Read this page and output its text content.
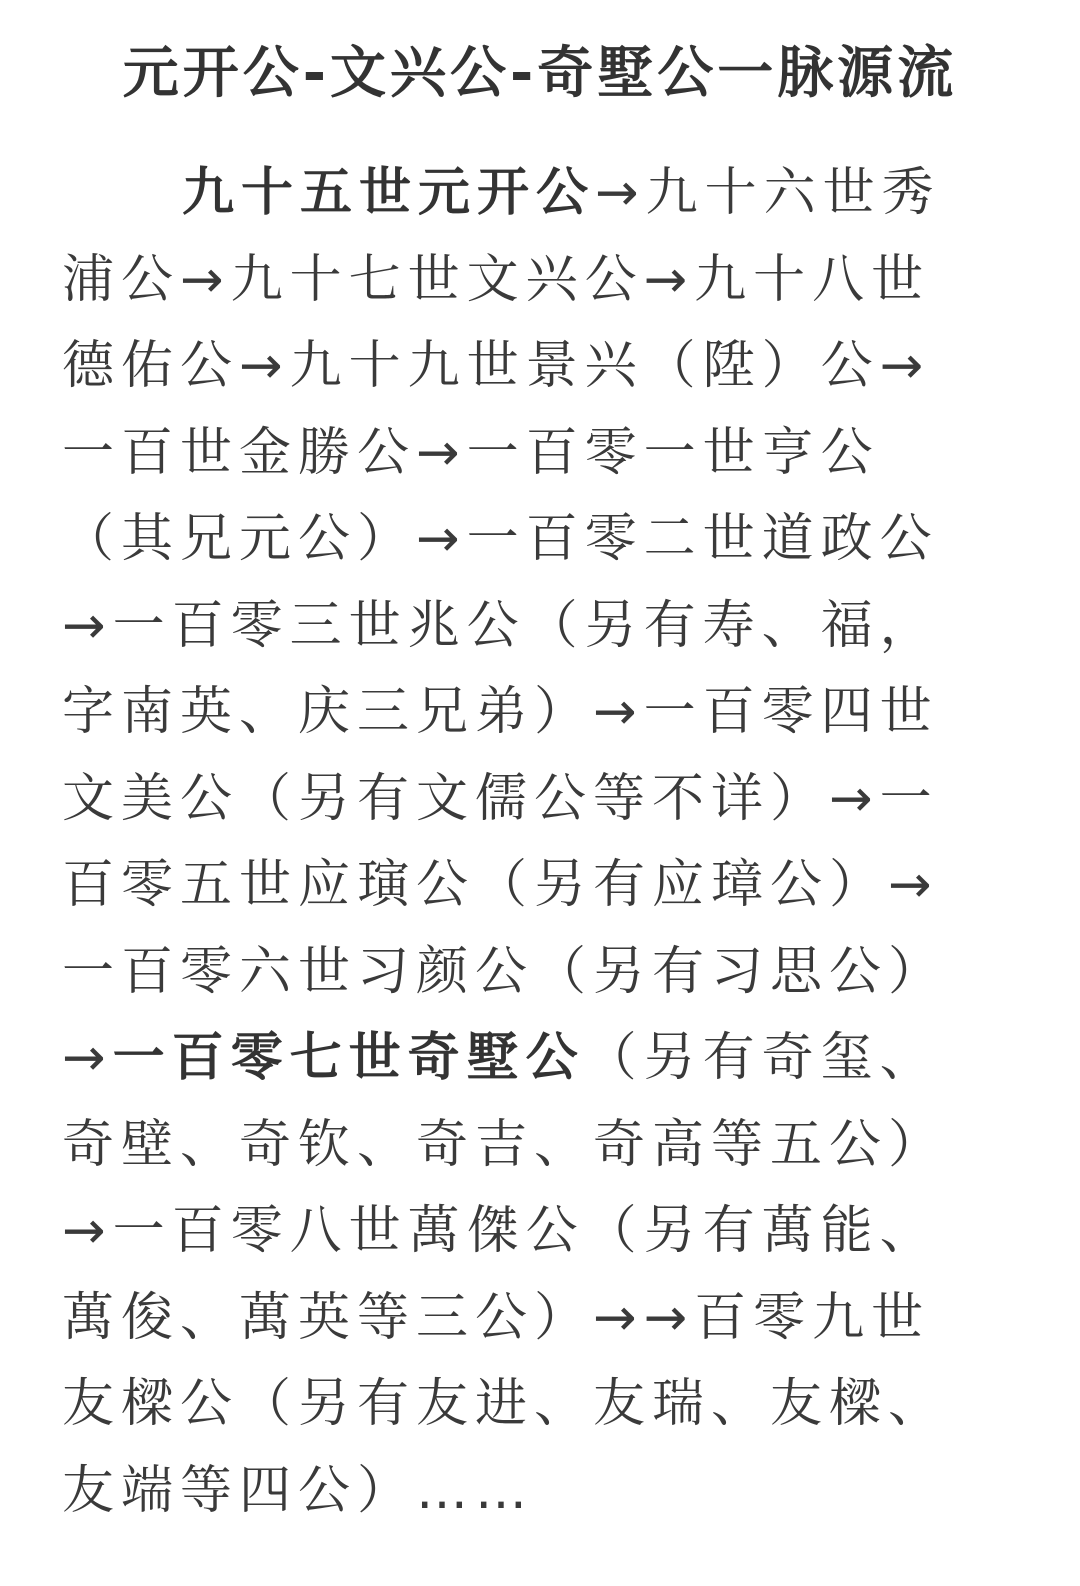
元开公-文兴公-奇墅公一脉源流
九十五世元开公→九十六世秀浦公→九十七世文兴公→九十八世德佑公→九十九世景兴（陞）公→一百世金勝公→一百零一世亨公（其兄元公）→一百零二世道政公→一百零三世兆公（另有寿、福，字南英、庆三兄弟）→一百零四世文美公（另有文儒公等不详）→一百零五世应璌公（另有应璋公）→一百零六世习颜公（另有习思公）→一百零七世奇墅公（另有奇玺、奇壁、奇钦、奇吉、奇高等五公）→一百零八世萬傑公（另有萬能、萬俊、萬英等三公）→→百零九世友樑公（另有友进、友瑞、友樑、友端等四公）……
